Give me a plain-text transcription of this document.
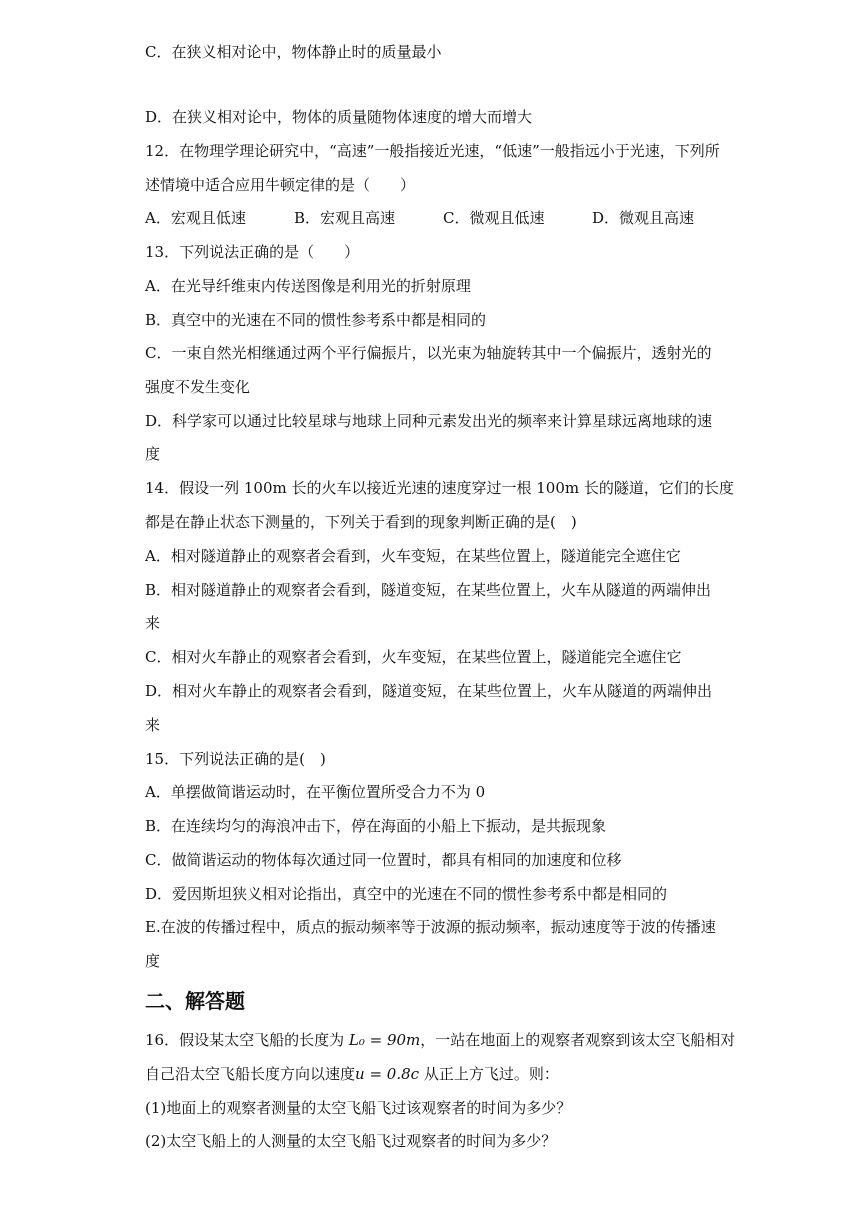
C．在狭义相对论中，物体静止时的质量最小
D．在狭义相对论中，物体的质量随物体速度的增大而增大
12．在物理学理论研究中，“高速”一般指接近光速，“低速”一般指远小于光速，下列所
述情境中适合应用牛顿定律的是（　　）
A．宏观且低速	B．宏观且高速	C．微观且低速	D．微观且高速
13．下列说法正确的是（　　）
A．在光导纤维束内传送图像是利用光的折射原理
B．真空中的光速在不同的惯性参考系中都是相同的
C．一束自然光相继通过两个平行偏振片，以光束为轴旋转其中一个偏振片，透射光的
强度不发生变化
D．科学家可以通过比较星球与地球上同种元素发出光的频率来计算星球远离地球的速
度
14．假设一列 100m 长的火车以接近光速的速度穿过一根 100m 长的隧道，它们的长度
都是在静止状态下测量的，下列关于看到的现象判断正确的是(　)
A．相对隧道静止的观察者会看到，火车变短，在某些位置上，隧道能完全遮住它
B．相对隧道静止的观察者会看到，隧道变短，在某些位置上，火车从隧道的两端伸出
来
C．相对火车静止的观察者会看到，火车变短，在某些位置上，隧道能完全遮住它
D．相对火车静止的观察者会看到，隧道变短，在某些位置上，火车从隧道的两端伸出
来
15．下列说法正确的是(　)
A．单摆做简谐运动时，在平衡位置所受合力不为 0
B．在连续均匀的海浪冲击下，停在海面的小船上下振动，是共振现象
C．做简谐运动的物体每次通过同一位置时，都具有相同的加速度和位移
D．爱因斯坦狭义相对论指出，真空中的光速在不同的惯性参考系中都是相同的
E.在波的传播过程中，质点的振动频率等于波源的振动频率，振动速度等于波的传播速
度
二、解答题
16．假设某太空飞船的长度为 L₀ = 90m，一站在地面上的观察者观察到该太空飞船相对
自己沿太空飞船长度方向以速度u = 0.8c 从正上方飞过。则：
(1)地面上的观察者测量的太空飞船飞过该观察者的时间为多少？
(2)太空飞船上的人测量的太空飞船飞过观察者的时间为多少？
